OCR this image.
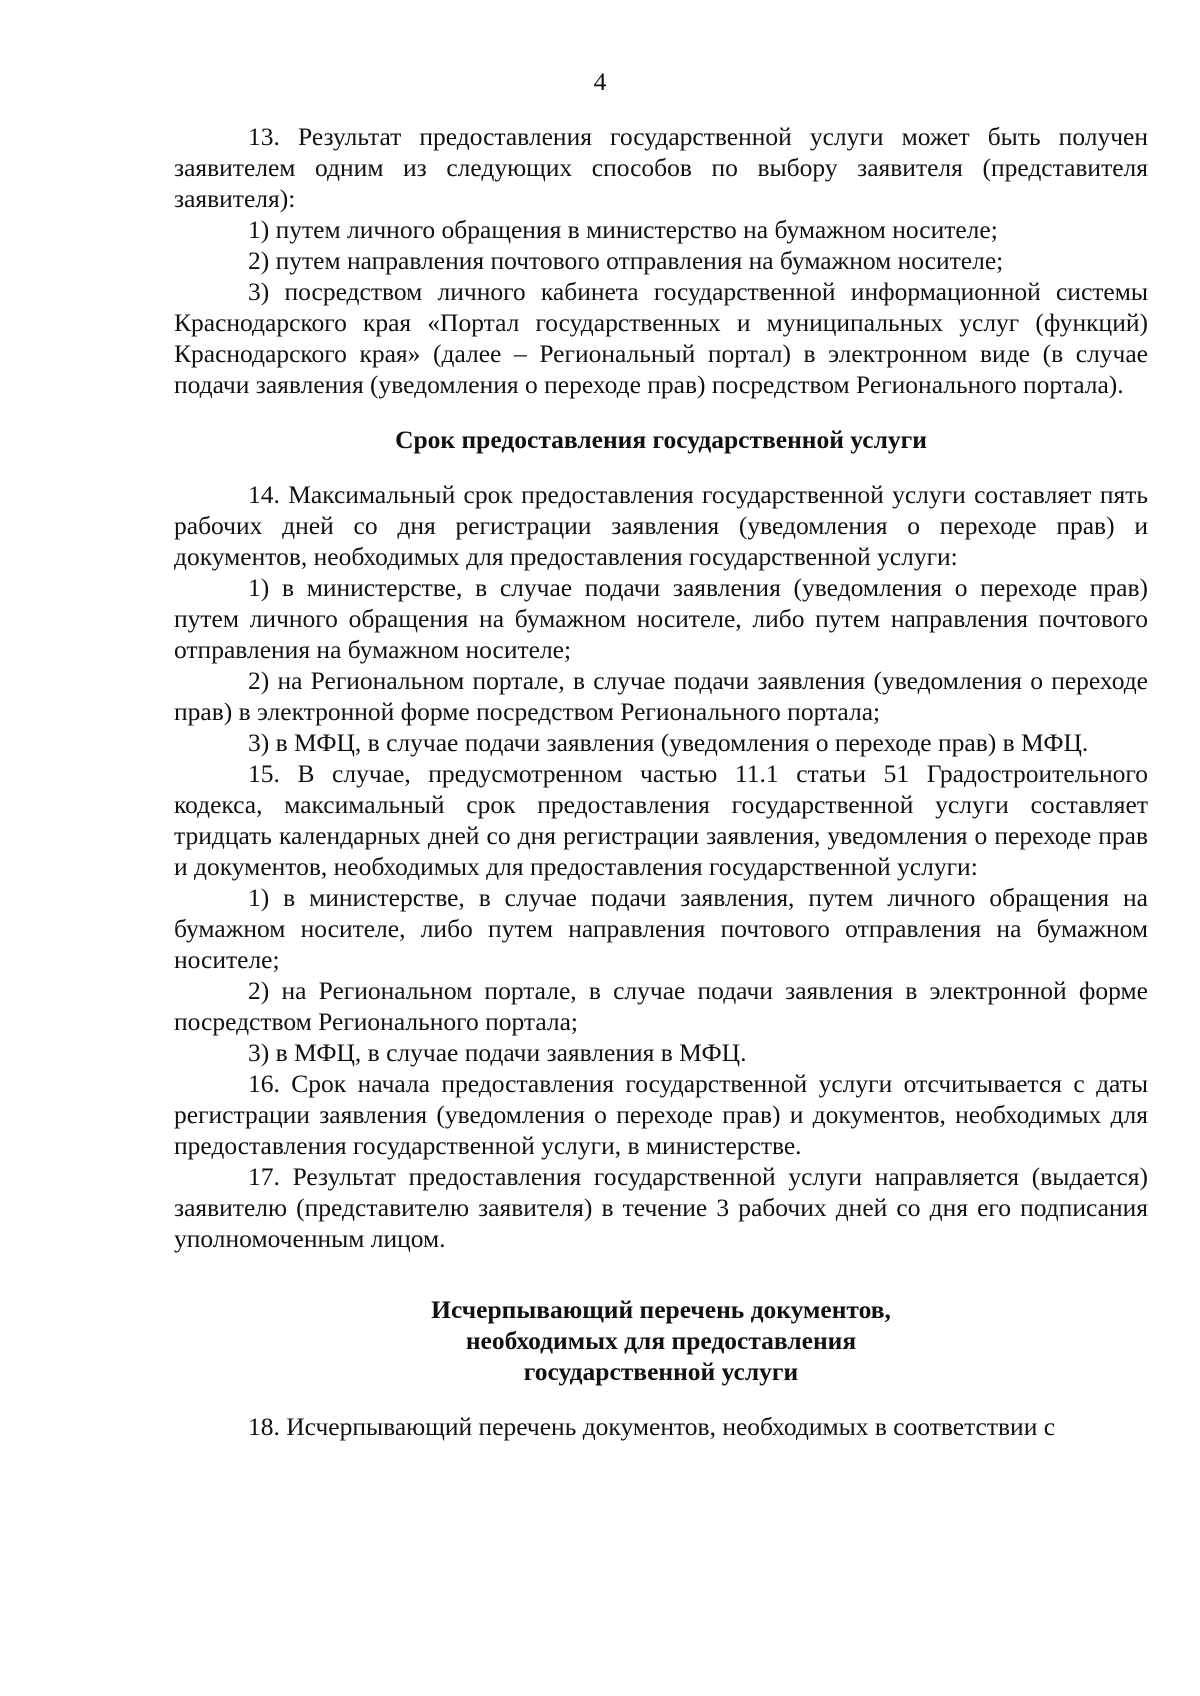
4

13. Результат предоставления государственной услуги может быть получен заявителем одним из следующих способов по выбору заявителя (представителя заявителя):

1) путем личного обращения в министерство на бумажном носителе;

2) путем направления почтового отправления на бумажном носителе;

3) посредством личного кабинета государственной информационной системы Краснодарского края «Портал государственных и муниципальных услуг (функций) Краснодарского края» (далее – Региональный портал) в электронном виде (в случае подачи заявления (уведомления о переходе прав) посредством Регионального портала).

Срок предоставления государственной услуги

14. Максимальный срок предоставления государственной услуги составляет пять рабочих дней со дня регистрации заявления (уведомления о переходе прав) и документов, необходимых для предоставления государственной услуги:

1) в министерстве, в случае подачи заявления (уведомления о переходе прав) путем личного обращения на бумажном носителе, либо путем направления почтового отправления на бумажном носителе;

2) на Региональном портале, в случае подачи заявления (уведомления о переходе прав) в электронной форме посредством Регионального портала;

3) в МФЦ, в случае подачи заявления (уведомления о переходе прав) в МФЦ.

15. В случае, предусмотренном частью 11.1 статьи 51 Градостроительного кодекса, максимальный срок предоставления государственной услуги составляет тридцать календарных дней со дня регистрации заявления, уведомления о переходе прав и документов, необходимых для предоставления государственной услуги:

1) в министерстве, в случае подачи заявления, путем личного обращения на бумажном носителе, либо путем направления почтового отправления на бумажном носителе;

2) на Региональном портале, в случае подачи заявления в электронной форме посредством Регионального портала;

3) в МФЦ, в случае подачи заявления в МФЦ.

16. Срок начала предоставления государственной услуги отсчитывается с даты регистрации заявления (уведомления о переходе прав) и документов, необходимых для предоставления государственной услуги, в министерстве.

17. Результат предоставления государственной услуги направляется (выдается) заявителю (представителю заявителя) в течение 3 рабочих дней со дня его подписания уполномоченным лицом.

Исчерпывающий перечень документов,
необходимых для предоставления
государственной услуги

18. Исчерпывающий перечень документов, необходимых в соответствии с
